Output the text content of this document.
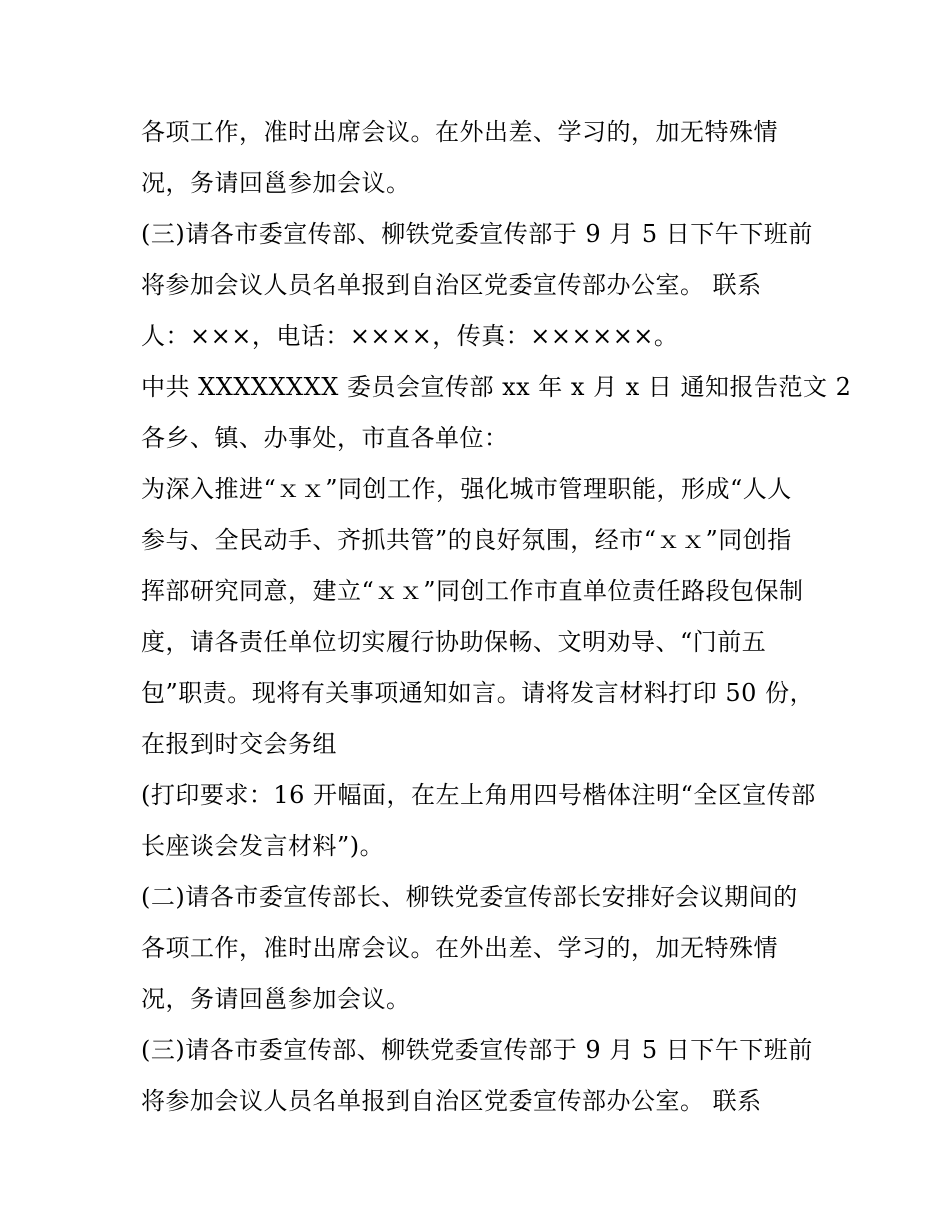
各项工作，准时出席会议。在外出差、学习的，加无特殊情
况，务请回邕参加会议。
(三)请各市委宣传部、柳铁党委宣传部于 9 月 5 日下午下班前
将参加会议人员名单报到自治区党委宣传部办公室。 联系
人：×××，电话：××××，传真：××××××。
中共 XXXXXXXX 委员会宣传部 xx 年 x 月 x 日 通知报告范文 2
各乡、镇、办事处，市直各单位：
为深入推进“ｘｘ”同创工作，强化城市管理职能，形成“人人
参与、全民动手、齐抓共管”的良好氛围，经市“ｘｘ”同创指
挥部研究同意，建立“ｘｘ”同创工作市直单位责任路段包保制
度，请各责任单位切实履行协助保畅、文明劝导、“门前五
包”职责。现将有关事项通知如言。请将发言材料打印 50 份，
在报到时交会务组
(打印要求：16 开幅面，在左上角用四号楷体注明“全区宣传部
长座谈会发言材料”)。
(二)请各市委宣传部长、柳铁党委宣传部长安排好会议期间的
各项工作，准时出席会议。在外出差、学习的，加无特殊情
况，务请回邕参加会议。
(三)请各市委宣传部、柳铁党委宣传部于 9 月 5 日下午下班前
将参加会议人员名单报到自治区党委宣传部办公室。 联系
